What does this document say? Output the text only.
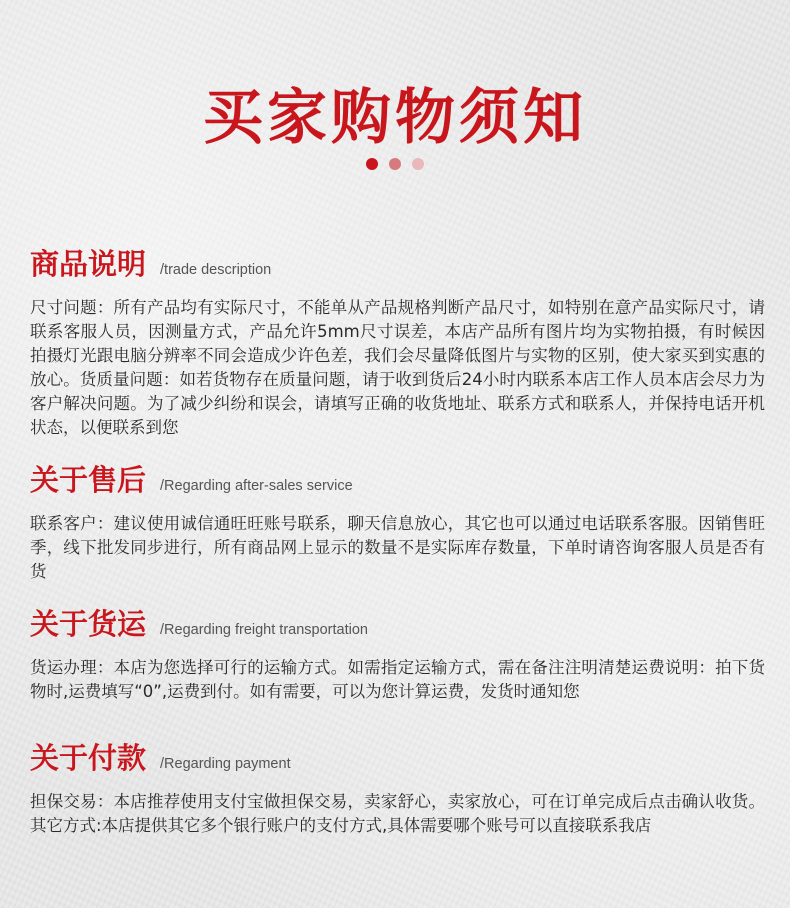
买家购物须知
商品说明 /trade description
尺寸问题：所有产品均有实际尺寸，不能单从产品规格判断产品尺寸，如特别在意产品实际尺寸，请联系客服人员，因测量方式，产品允许5mm尺寸误差，本店产品所有图片均为实物拍摄，有时候因拍摄灯光跟电脑分辨率不同会造成少许色差，我们会尽量降低图片与实物的区别，使大家买到实惠的放心。货质量问题：如若货物存在质量问题，请于收到货后24小时内联系本店工作人员本店会尽力为客户解决问题。为了减少纠纷和误会，请填写正确的收货地址、联系方式和联系人，并保持电话开机状态，以便联系到您
关于售后 /Regarding after-sales service
联系客户：建议使用诚信通旺旺账号联系，聊天信息放心，其它也可以通过电话联系客服。因销售旺季，线下批发同步进行，所有商品网上显示的数量不是实际库存数量，下单时请咨询客服人员是否有货
关于货运 /Regarding freight transportation
货运办理：本店为您选择可行的运输方式。如需指定运输方式，需在备注注明清楚运费说明：拍下货物时,运费填写“0”,运费到付。如有需要，可以为您计算运费，发货时通知您
关于付款 /Regarding payment
担保交易：本店推荐使用支付宝做担保交易，卖家舒心，卖家放心，可在订单完成后点击确认收货。其它方式:本店提供其它多个银行账户的支付方式,具体需要哪个账号可以直接联系我店
